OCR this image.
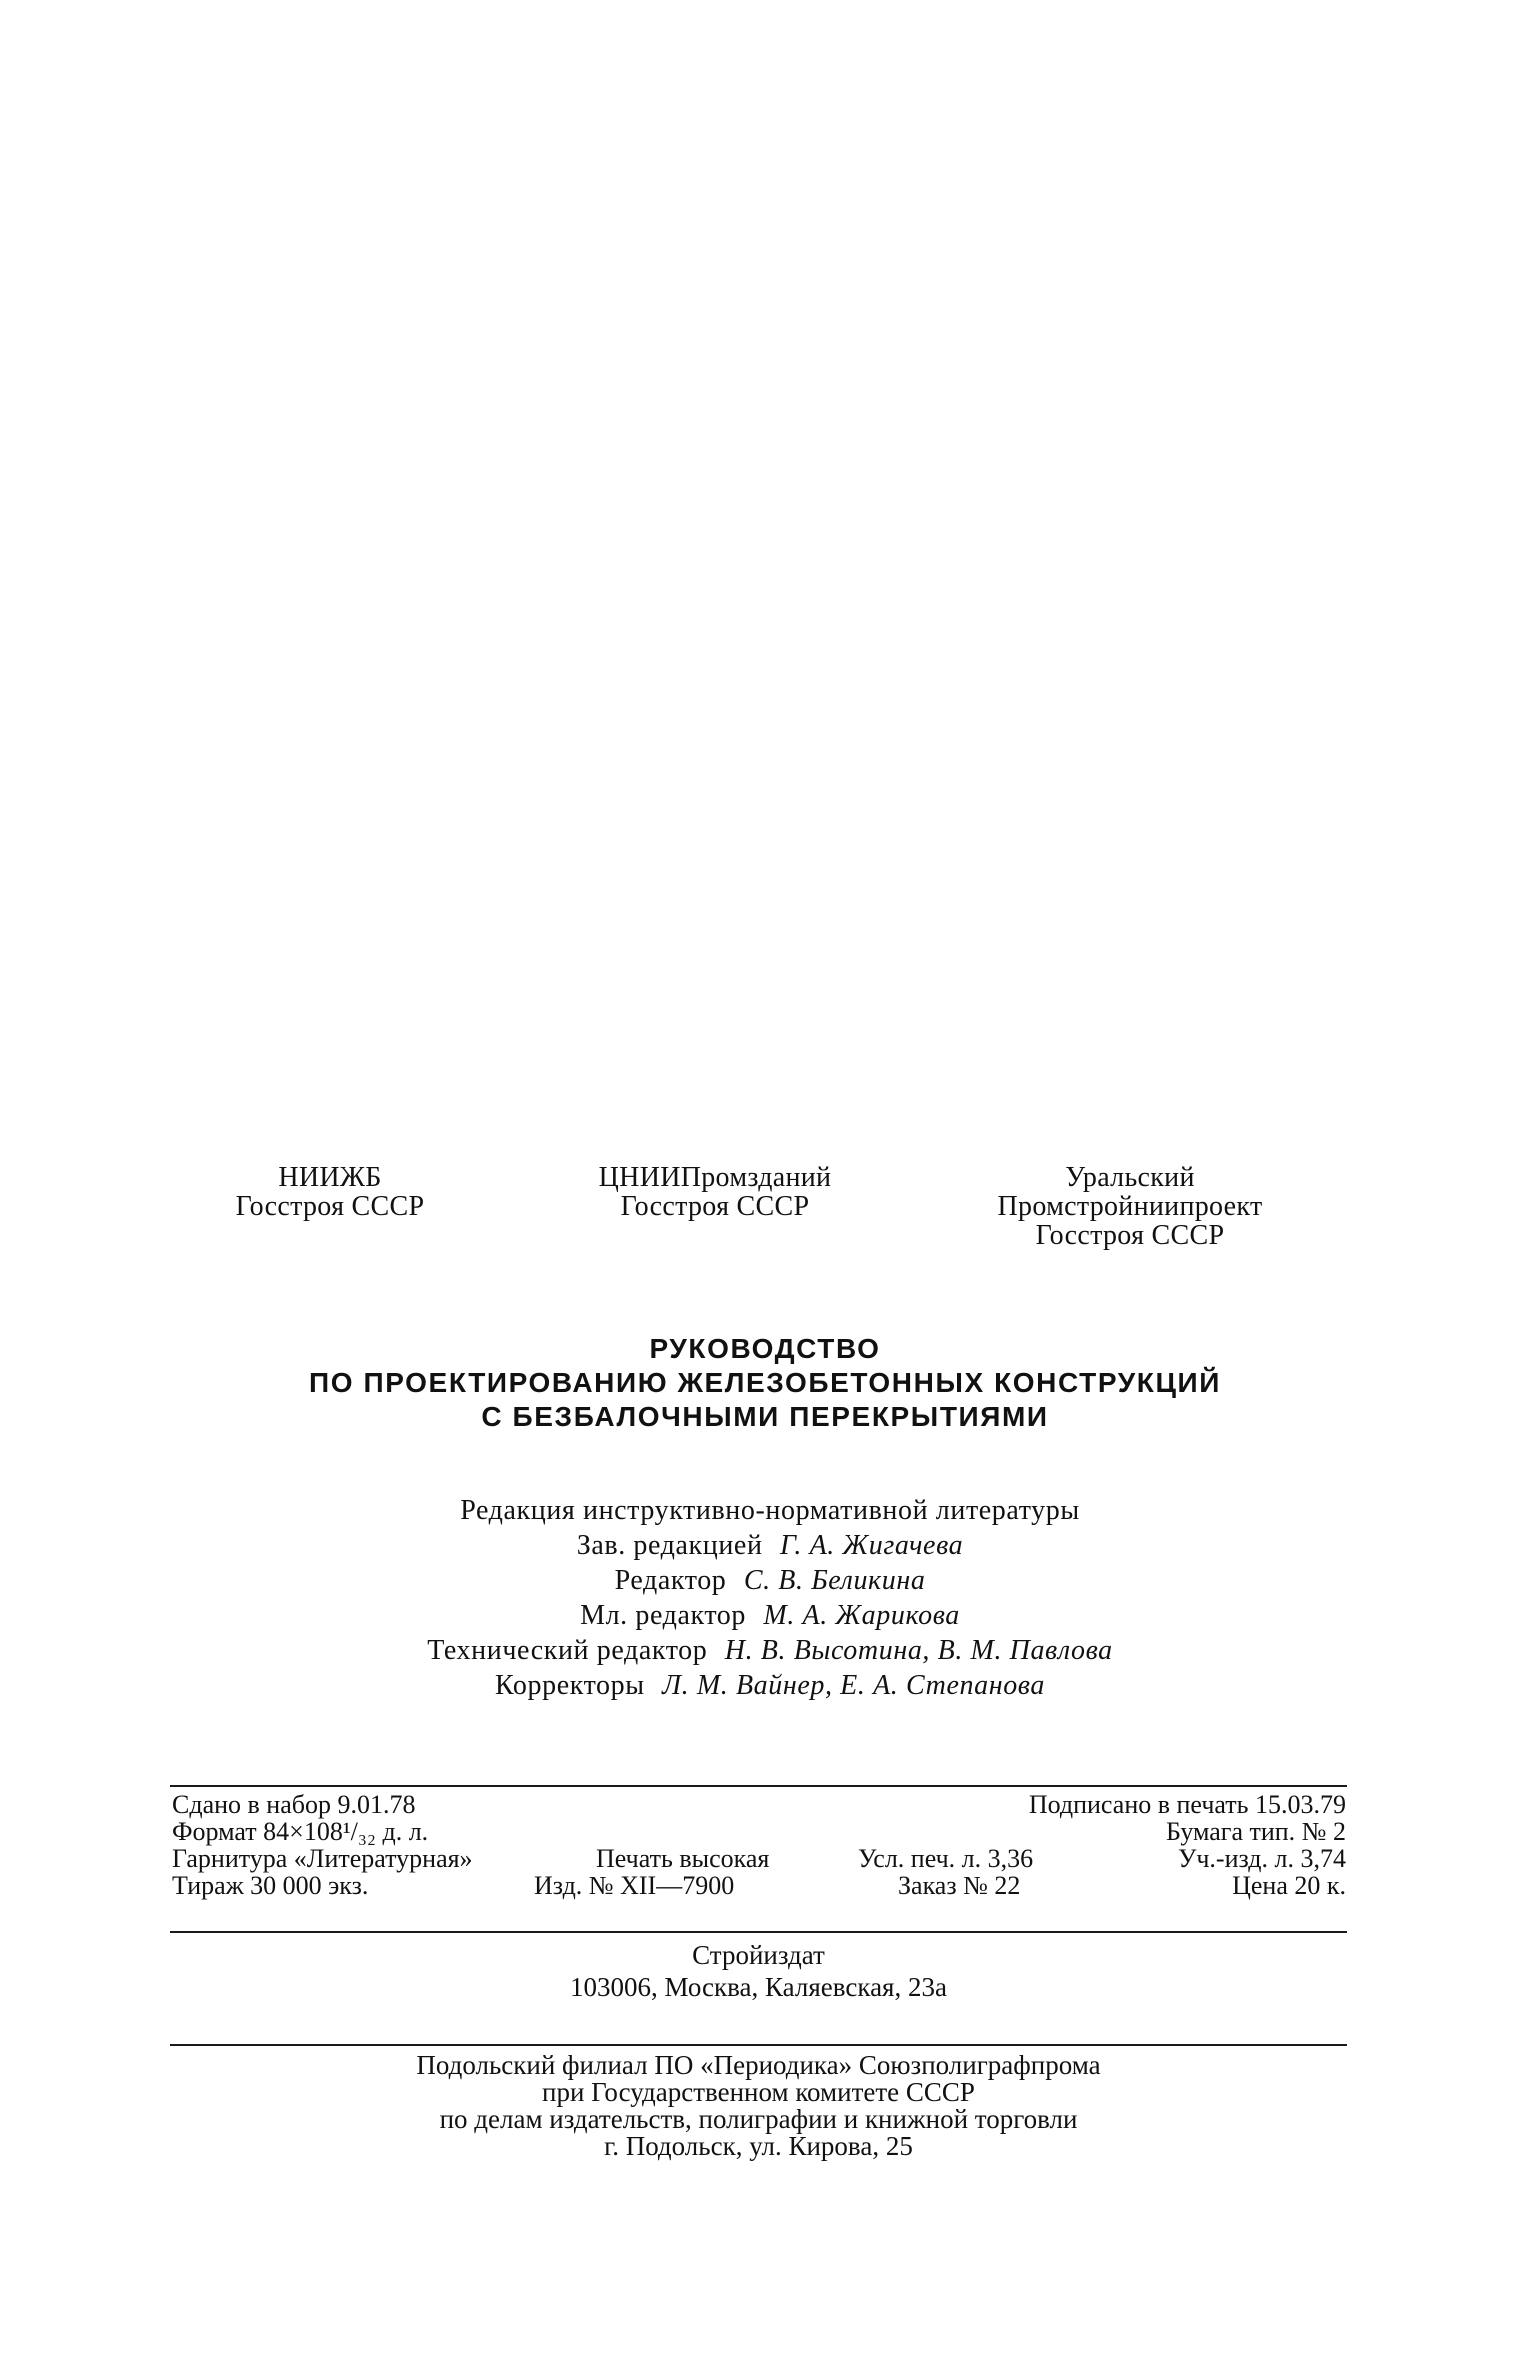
НИИЖБ
Госстроя СССР
ЦНИИПромзданий
Госстроя СССР
Уральский
Промстройниипроект
Госстроя СССР
РУКОВОДСТВО
ПО ПРОЕКТИРОВАНИЮ ЖЕЛЕЗОБЕТОННЫХ КОНСТРУКЦИЙ
С БЕЗБАЛОЧНЫМИ ПЕРЕКРЫТИЯМИ
Редакция инструктивно-нормативной литературы
Зав. редакцией Г. А. Жигачева
Редактор С. В. Беликина
Мл. редактор М. А. Жарикова
Технический редактор Н. В. Высотина, В. М. Павлова
Корректоры Л. М. Вайнер, Е. А. Степанова
Сдано в набор 9.01.78	Подписано в печать 15.03.79
Формат 84×108¹/₃₂ д. л.	Бумага тип. № 2
Гарнитура «Литературная»	Печать высокая	Усл. печ. л. 3,36	Уч.-изд. л. 3,74
Тираж 30 000 экз.	Изд. № XII—7900	Заказ № 22	Цена 20 к.
Стройиздат
103006, Москва, Каляевская, 23а
Подольский филиал ПО «Периодика» Союзполиграфпрома
при Государственном комитете СССР
по делам издательств, полиграфии и книжной торговли
г. Подольск, ул. Кирова, 25
